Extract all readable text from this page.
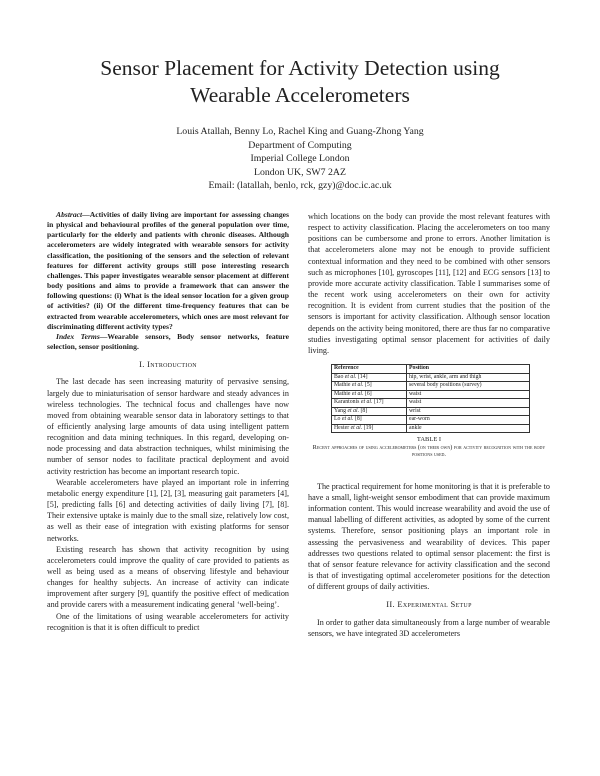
Sensor Placement for Activity Detection using
Wearable Accelerometers
Louis Atallah, Benny Lo, Rachel King and Guang-Zhong Yang
Department of Computing
Imperial College London
London UK, SW7 2AZ
Email: (latallah, benlo, rck, gzy)@doc.ic.ac.uk

Abstract—Activities of daily living are important for assessing changes in physical and behavioural profiles of the general population over time, particularly for the elderly and patients with chronic diseases. Although accelerometers are widely integrated with wearable sensors for activity classification, the positioning of the sensors and the selection of relevant features for different activity groups still pose interesting research challenges. This paper investigates wearable sensor placement at different body positions and aims to provide a framework that can answer the following questions: (i) What is the ideal sensor location for a given group of activities? (ii) Of the different time-frequency features that can be extracted from wearable accelerometers, which ones are most relevant for discriminating different activity types?

Index Terms—Wearable sensors, Body sensor networks, feature selection, sensor positioning.

I. Introduction

The last decade has seen increasing maturity of pervasive sensing, largely due to miniaturisation of sensor hardware and steady advances in wireless technologies. The technical focus and challenges have now moved from obtaining wearable sensor data in laboratory settings to that of efficiently analysing large amounts of data using intelligent pattern recognition and data mining techniques. In this regard, developing on-node processing and data abstraction techniques, whilst minimising the number of sensor nodes to facilitate practical deployment and avoid activity restriction has become an important research topic.

Wearable accelerometers have played an important role in inferring metabolic energy expenditure [1], [2], [3], measuring gait parameters [4], [5], predicting falls [6] and detecting activities of daily living [7], [8]. Their extensive uptake is mainly due to the small size, relatively low cost, as well as their ease of integration with existing platforms for sensor networks.

Existing research has shown that activity recognition by using accelerometers could improve the quality of care provided to patients as well as being used as a means of observing lifestyle and behaviour changes for healthy subjects. An increase of activity can indicate improvement after surgery [9], quantify the positive effect of medication and provide carers with a measurement indicating general ‘well-being’.

One of the limitations of using wearable accelerometers for activity recognition is that it is often difficult to predict

which locations on the body can provide the most relevant features with respect to activity classification. Placing the accelerometers on too many positions can be cumbersome and prone to errors. Another limitation is that accelerometers alone may not be enough to provide sufficient contextual information and they need to be combined with other sensors such as microphones [10], gyroscopes [11], [12] and ECG sensors [13] to provide more accurate activity classification. Table I summarises some of the recent work using accelerometers on their own for activity recognition. It is evident from current studies that the position of the sensors is important for activity classification. Although sensor location depends on the activity being monitored, there are thus far no comparative studies investigating optimal sensor placement for activities of daily living.

Reference	Position
Bao et al. [14]	hip, wrist, ankle, arm and thigh
Mathie et al. [5]	several body positions (survey)
Mathie et al. [6]	waist
Karantonis et al. [17]	waist
Yang et al. [8]	wrist
Lo et al. [8]	ear-worn
Hester et al. [19]	ankle
TABLE I
Recent approaches of using accelerometers (on their own) for activity recognition with the body positions used.

The practical requirement for home monitoring is that it is preferable to have a small, light-weight sensor embodiment that can provide maximum information content. This would increase wearability and avoid the use of manual labelling of different activities, as adopted by some of the current systems. Therefore, sensor positioning plays an important role in assessing the pervasiveness and wearability of devices. This paper addresses two questions related to optimal sensor placement: the first is that of sensor feature relevance for activity classification and the second is that of investigating optimal accelerometer positions for the detection of different groups of daily activities.

II. Experimental Setup

In order to gather data simultaneously from a large number of wearable sensors, we have integrated 3D accelerometers
